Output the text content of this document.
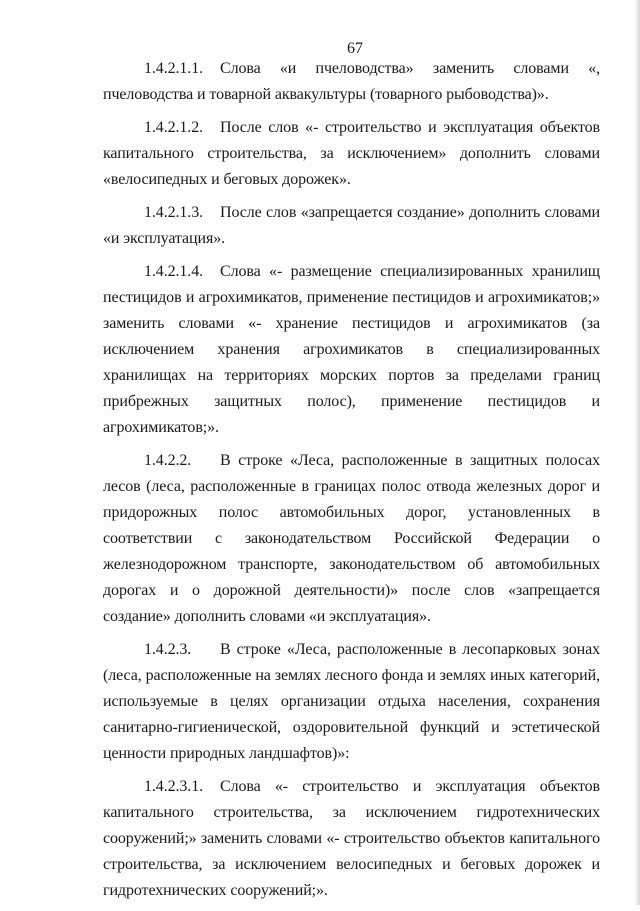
67

1.4.2.1.1. Слова «и пчеловодства» заменить словами «, пчеловодства и товарной аквакультуры (товарного рыбоводства)».

1.4.2.1.2. После слов «- строительство и эксплуатация объектов капитального строительства, за исключением» дополнить словами «велосипедных и беговых дорожек».

1.4.2.1.3. После слов «запрещается создание» дополнить словами «и эксплуатация».

1.4.2.1.4. Слова «- размещение специализированных хранилищ пестицидов и агрохимикатов, применение пестицидов и агрохимикатов;» заменить словами «- хранение пестицидов и агрохимикатов (за исключением хранения агрохимикатов в специализированных хранилищах на территориях морских портов за пределами границ прибрежных защитных полос), применение пестицидов и агрохимикатов;».

1.4.2.2. В строке «Леса, расположенные в защитных полосах лесов (леса, расположенные в границах полос отвода железных дорог и придорожных полос автомобильных дорог, установленных в соответствии с законодательством Российской Федерации о железнодорожном транспорте, законодательством об автомобильных дорогах и о дорожной деятельности)» после слов «запрещается создание» дополнить словами «и эксплуатация».

1.4.2.3. В строке «Леса, расположенные в лесопарковых зонах (леса, расположенные на землях лесного фонда и землях иных категорий, используемые в целях организации отдыха населения, сохранения санитарно-гигиенической, оздоровительной функций и эстетической ценности природных ландшафтов)»:

1.4.2.3.1. Слова «- строительство и эксплуатация объектов капитального строительства, за исключением гидротехнических сооружений;» заменить словами «- строительство объектов капитального строительства, за исключением велосипедных и беговых дорожек и гидротехнических сооружений;».
